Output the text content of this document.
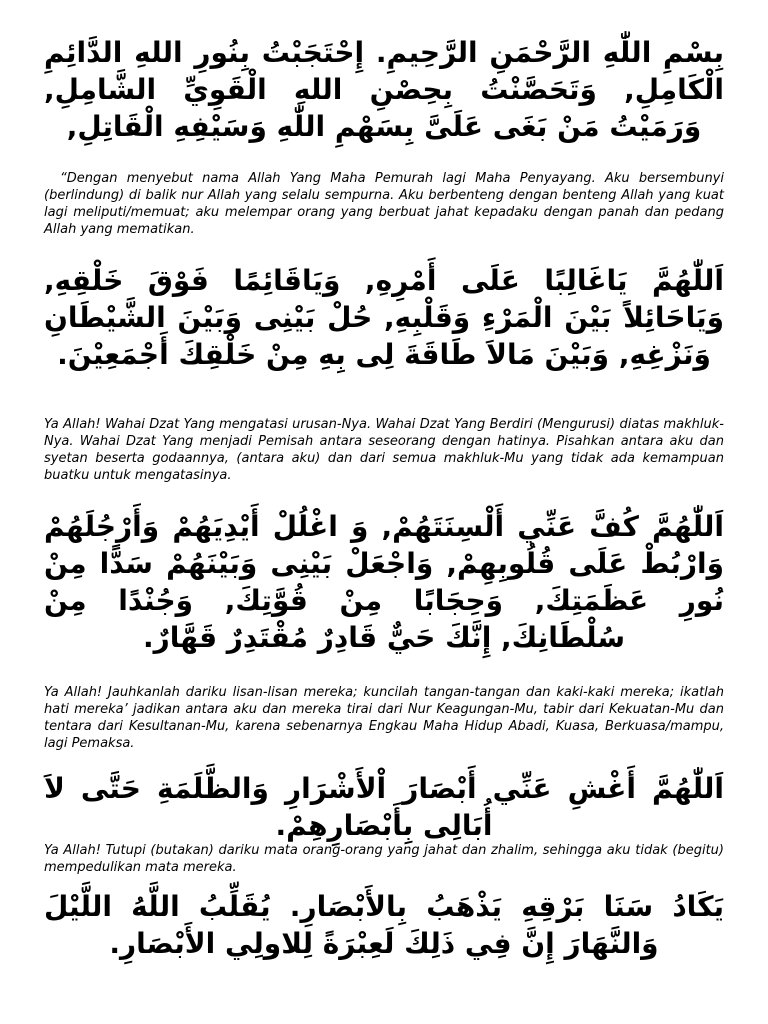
بِسْمِ اللّٰهِ الرَّحْمَنِ الرَّحِيمِ. إِحْتَجَبْتُ بِنُورِ اللهِ الدَّائِمِ الْكَامِلِ, وَتَحَصَّنْتُ بِحِصْنِ اللهِ الْقَوِيِّ الشَّامِلِ, وَرَمَيْتُ مَنْ بَغَى عَلَىَّ بِسَهْمِ اللّٰهِ وَسَيْفِهِ الْقَاتِلِ,

“Dengan menyebut nama Allah Yang Maha Pemurah lagi Maha Penyayang. Aku bersembunyi (berlindung) di balik nur Allah yang selalu sempurna. Aku berbenteng dengan benteng Allah yang kuat lagi meliputi/memuat; aku melempar orang yang berbuat jahat kepadaku dengan panah dan pedang Allah yang mematikan.

اَللّٰهُمَّ يَاغَالِبًا عَلَى أَمْرِهِ, وَيَاقَائِمًا فَوْقَ خَلْقِهِ, وَيَاحَائِلاً بَيْنَ الْمَرْءِ وَقَلْبِهِ, حُلْ بَيْنِى وَبَيْنَ الشَّيْطَانِ وَنَزْغِهِ, وَبَيْنَ مَالاَ طَاقَةَ لِى بِهِ مِنْ خَلْقِكَ أَجْمَعِيْنَ.

Ya Allah! Wahai Dzat Yang mengatasi urusan-Nya. Wahai Dzat Yang Berdiri (Mengurusi) diatas makhluk-Nya. Wahai Dzat Yang menjadi Pemisah antara seseorang dengan hatinya. Pisahkan antara aku dan syetan beserta godaannya, (antara aku) dan dari semua makhluk-Mu yang tidak ada kemampuan buatku untuk mengatasinya.

اَللّٰهُمَّ كُفَّ عَنِّي أَلْسِنَتَهُمْ, وَ اغْلُلْ أَيْدِيَهُمْ وَأَرْجُلَهُمْ وَارْبُطْ عَلَى قُلُوبِهِمْ, وَاجْعَلْ بَيْنِى وَبَيْنَهُمْ سَدًّا مِنْ نُورِ عَظَمَتِكَ, وَحِجَابًا مِنْ قُوَّتِكَ, وَجُنْدًا مِنْ سُلْطَانِكَ, إِنَّكَ حَيٌّ قَادِرٌ مُقْتَدِرٌ قَهَّارٌ.

Ya Allah! Jauhkanlah dariku lisan-lisan mereka; kuncilah tangan-tangan dan kaki-kaki mereka; ikatlah hati mereka’ jadikan antara aku dan mereka tirai dari Nur Keagungan-Mu, tabir dari Kekuatan-Mu dan tentara dari Kesultanan-Mu, karena sebenarnya Engkau Maha Hidup Abadi, Kuasa, Berkuasa/mampu, lagi Pemaksa.

اَللّٰهُمَّ أَغْشِ عَنِّي أَبْصَارَ اْلأَشْرَارِ وَالظَّلَمَةِ حَتَّى لاَ أُبَالِى بِأَبْصَارِهِمْ.

Ya Allah! Tutupi (butakan) dariku mata orang-orang yang jahat dan zhalim, sehingga aku tidak (begitu) mempedulikan mata mereka.

يَكَادُ سَنَا بَرْقِهِ يَذْهَبُ بِالأَبْصَارِ. يُقَلِّبُ اللَّهُ اللَّيْلَ وَالنَّهَارَ إِنَّ فِي ذَلِكَ لَعِبْرَةً لِلاولِي الأَبْصَارِ.
